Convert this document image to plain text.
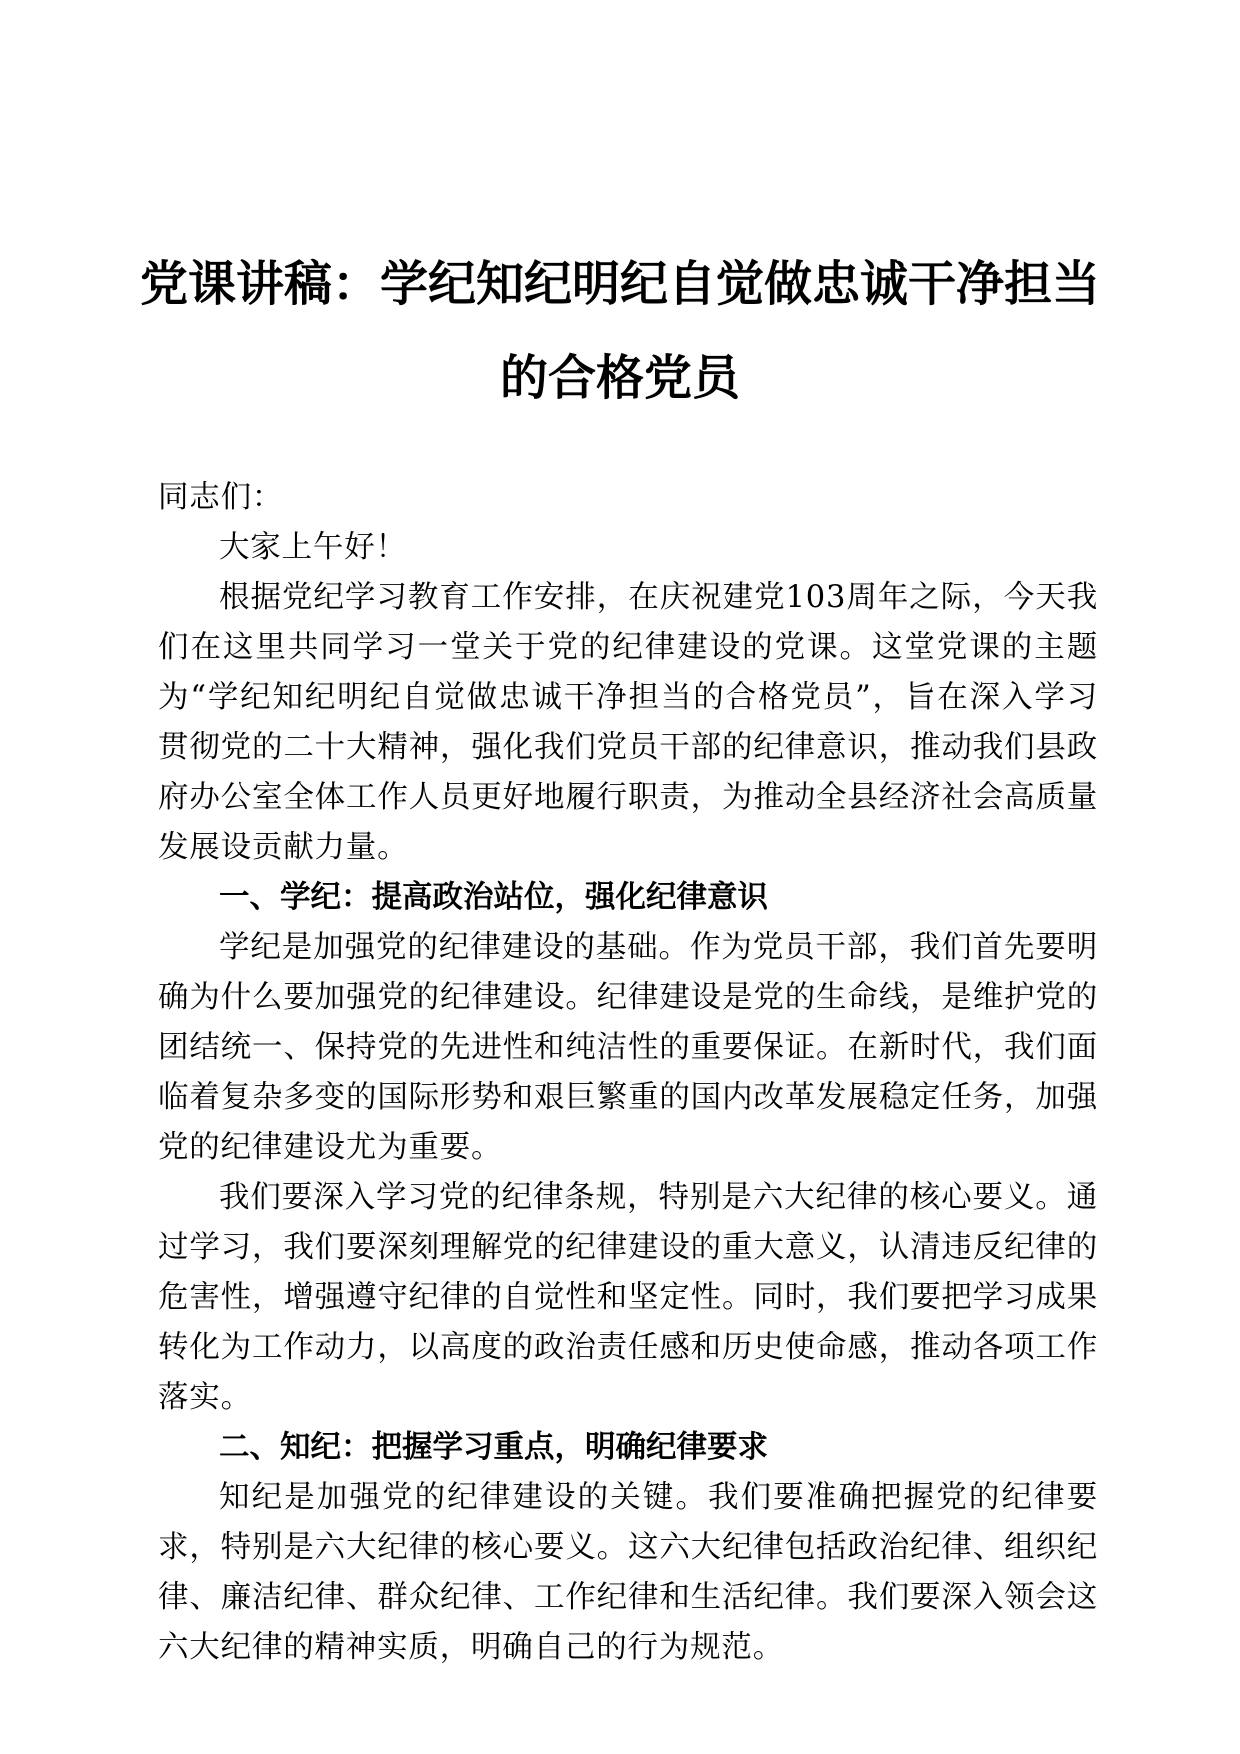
党课讲稿：学纪知纪明纪自觉做忠诚干净担当
的合格党员

同志们：

大家上午好！

根据党纪学习教育工作安排，在庆祝建党103周年之际，今天我们在这里共同学习一堂关于党的纪律建设的党课。这堂党课的主题为“学纪知纪明纪自觉做忠诚干净担当的合格党员”，旨在深入学习贯彻党的二十大精神，强化我们党员干部的纪律意识，推动我们县政府办公室全体工作人员更好地履行职责，为推动全县经济社会高质量发展设贡献力量。

一、学纪：提高政治站位，强化纪律意识

学纪是加强党的纪律建设的基础。作为党员干部，我们首先要明确为什么要加强党的纪律建设。纪律建设是党的生命线，是维护党的团结统一、保持党的先进性和纯洁性的重要保证。在新时代，我们面临着复杂多变的国际形势和艰巨繁重的国内改革发展稳定任务，加强党的纪律建设尤为重要。

我们要深入学习党的纪律条规，特别是六大纪律的核心要义。通过学习，我们要深刻理解党的纪律建设的重大意义，认清违反纪律的危害性，增强遵守纪律的自觉性和坚定性。同时，我们要把学习成果转化为工作动力，以高度的政治责任感和历史使命感，推动各项工作落实。

二、知纪：把握学习重点，明确纪律要求

知纪是加强党的纪律建设的关键。我们要准确把握党的纪律要求，特别是六大纪律的核心要义。这六大纪律包括政治纪律、组织纪律、廉洁纪律、群众纪律、工作纪律和生活纪律。我们要深入领会这六大纪律的精神实质，明确自己的行为规范。
